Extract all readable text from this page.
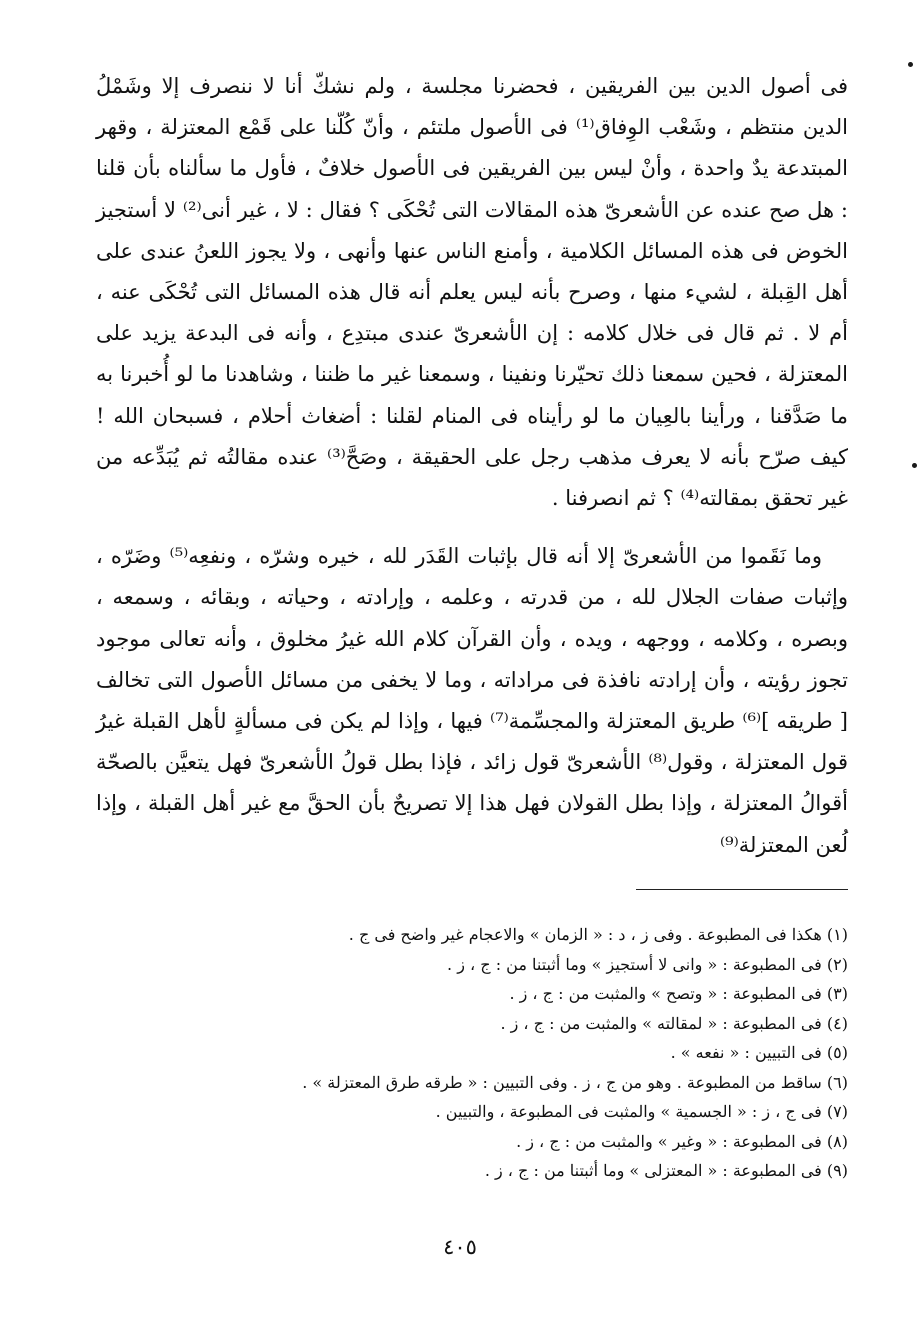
فى أصول الدين بين الفريقين ، فحضرنا مجلسة ، ولم نشكّ أنا لا ننصرف إلا وشَمْلُ الدين منتظم ، وشَعْب الوِفاق⁽¹⁾ فى الأصول ملتئم ، وأنّ كُلّنا على قَمْع المعتزلة ، وقهر المبتدعة يدٌ واحدة ، وأنْ ليس بين الفريقين فى الأصول خلافٌ ، فأول ما سألناه بأن قلنا : هل صح عنده عن الأشعرىّ هذه المقالات التى تُحْكَى ؟ فقال : لا ، غير أنى⁽²⁾ لا أستجيز الخوض فى هذه المسائل الكلامية ، وأمنع الناس عنها وأنهى ، ولا يجوز اللعنُ عندى على أهل القِبلة ، لشيء منها ، وصرح بأنه ليس يعلم أنه قال هذه المسائل التى تُحْكَى عنه ، أم لا . ثم قال فى خلال كلامه : إن الأشعرىّ عندى مبتدِع ، وأنه فى البدعة يزيد على المعتزلة ، فحين سمعنا ذلك تحيّرنا ونفينا ، وسمعنا غير ما ظننا ، وشاهدنا ما لو أُخبرنا به ما صَدَّقنا ، ورأينا بالعِيان ما لو رأيناه فى المنام لقلنا : أضغاث أحلام ، فسبحان الله ! كيف صرّح بأنه لا يعرف مذهب رجل على الحقيقة ، وصَحَّ⁽³⁾ عنده مقالتُه ثم يُبَدِّعه من غير تحقق بمقالته⁽⁴⁾ ؟ ثم انصرفنا .

وما نَقَموا من الأشعرىّ إلا أنه قال بإثبات القَدَر لله ، خيره وشرّه ، ونفعِه⁽⁵⁾ وضَرّه ، وإثبات صفات الجلال لله ، من قدرته ، وعلمه ، وإرادته ، وحياته ، وبقائه ، وسمعه ، وبصره ، وكلامه ، ووجهه ، ويده ، وأن القرآن كلام الله غيرُ مخلوق ، وأنه تعالى موجود تجوز رؤيته ، وأن إرادته نافذة فى مراداته ، وما لا يخفى من مسائل الأصول التى تخالف [ طريقه ]⁽⁶⁾ طريق المعتزلة والمجسِّمة⁽⁷⁾ فيها ، وإذا لم يكن فى مسألةٍ لأهل القبلة غيرُ قول المعتزلة ، وقول⁽⁸⁾ الأشعرىّ قول زائد ، فإذا بطل قولُ الأشعرىّ فهل يتعيَّن بالصحّة أقوالُ المعتزلة ، وإذا بطل القولان فهل هذا إلا تصريحٌ بأن الحقَّ مع غير أهل القبلة ، وإذا لُعن المعتزلة⁽⁹⁾

(١) هكذا فى المطبوعة . وفى ز ، د : « الزمان » والاعجام غير واضح فى ج .
(٢) فى المطبوعة : « وانى لا أستجيز » وما أثبتنا من : ج ، ز .
(٣) فى المطبوعة : « وتصح » والمثبت من : ج ، ز .
(٤) فى المطبوعة : « لمقالته » والمثبت من : ج ، ز .
(٥) فى التبيين : « نفعه » .
(٦) ساقط من المطبوعة . وهو من ج ، ز . وفى التبيين : « طرقه طرق المعتزلة » .
(٧) فى ج ، ز : « الجسمية » والمثبت فى المطبوعة ، والتبيين .
(٨) فى المطبوعة : « وغير » والمثبت من : ج ، ز .
(٩) فى المطبوعة : « المعتزلى » وما أثبتنا من : ج ، ز .
٤٠٥
